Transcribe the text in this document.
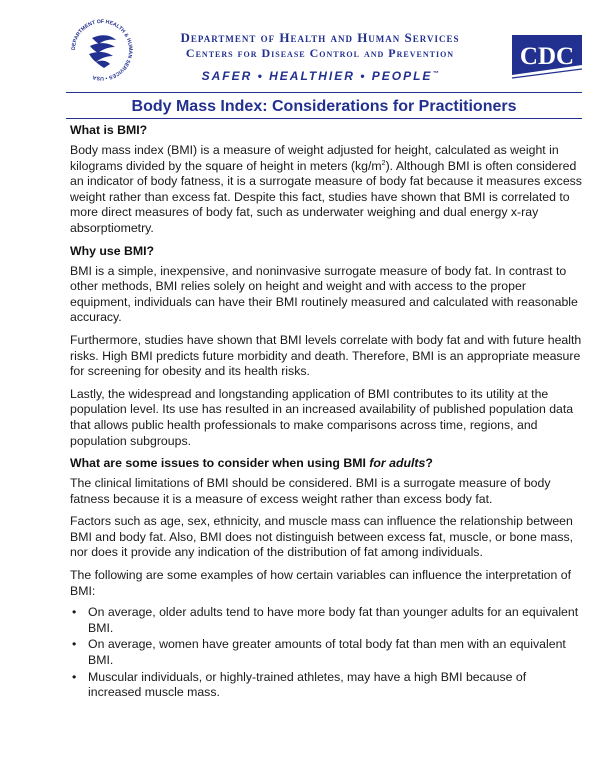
DEPARTMENT OF HEALTH & HUMAN SERVICES • USA
Department of Health and Human Services
Centers for Disease Control and Prevention
SAFER • HEALTHIER • PEOPLE™
CDC
Body Mass Index: Considerations for Practitioners
What is BMI?

Body mass index (BMI) is a measure of weight adjusted for height, calculated as weight in kilograms divided by the square of height in meters $(kg/m^2)$. Although BMI is often considered an indicator of body fatness, it is a surrogate measure of body fat because it measures excess weight rather than excess fat. Despite this fact, studies have shown that BMI is correlated to more direct measures of body fat, such as underwater weighing and dual energy x-ray absorptiometry.

Why use BMI?

BMI is a simple, inexpensive, and noninvasive surrogate measure of body fat. In contrast to other methods, BMI relies solely on height and weight and with access to the proper equipment, individuals can have their BMI routinely measured and calculated with reasonable accuracy.

Furthermore, studies have shown that BMI levels correlate with body fat and with future health risks. High BMI predicts future morbidity and death. Therefore, BMI is an appropriate measure for screening for obesity and its health risks.

Lastly, the widespread and longstanding application of BMI contributes to its utility at the population level. Its use has resulted in an increased availability of published population data that allows public health professionals to make comparisons across time, regions, and population subgroups.

What are some issues to consider when using BMI for adults?

The clinical limitations of BMI should be considered. BMI is a surrogate measure of body fatness because it is a measure of excess weight rather than excess body fat.

Factors such as age, sex, ethnicity, and muscle mass can influence the relationship between BMI and body fat. Also, BMI does not distinguish between excess fat, muscle, or bone mass, nor does it provide any indication of the distribution of fat among individuals.

The following are some examples of how certain variables can influence the interpretation of BMI:

• On average, older adults tend to have more body fat than younger adults for an equivalent BMI.
• On average, women have greater amounts of total body fat than men with an equivalent BMI.
• Muscular individuals, or highly-trained athletes, may have a high BMI because of increased muscle mass.
